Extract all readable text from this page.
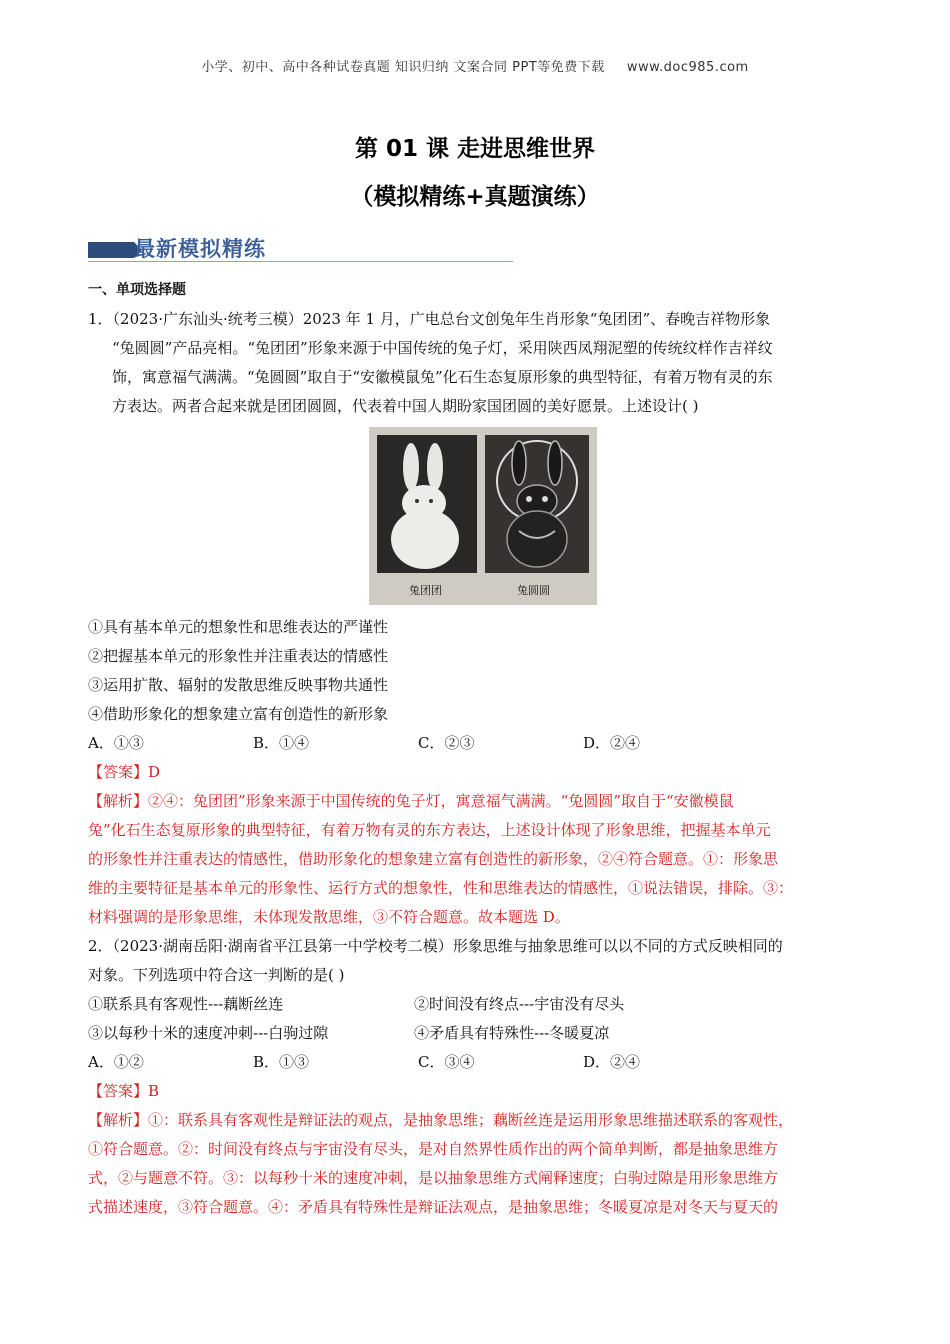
小学、初中、高中各种试卷真题 知识归纳 文案合同 PPT等免费下载 www.doc985.com
第 01 课 走进思维世界
（模拟精练+真题演练）
最新模拟精练
一、单项选择题
1．（2023·广东汕头·统考三模）2023 年 1 月，广电总台文创兔年生肖形象“兔团团”、春晚吉祥物形象
“兔圆圆”产品亮相。“兔团团”形象来源于中国传统的兔子灯，采用陕西凤翔泥塑的传统纹样作吉祥纹
饰，寓意福气满满。“兔圆圆”取自于“安徽模鼠兔”化石生态复原形象的典型特征，有着万物有灵的东
方表达。两者合起来就是团团圆圆，代表着中国人期盼家国团圆的美好愿景。上述设计( )
兔团团	兔圆圆
①具有基本单元的想象性和思维表达的严谨性
②把握基本单元的形象性并注重表达的情感性
③运用扩散、辐射的发散思维反映事物共通性
④借助形象化的想象建立富有创造性的新形象
A．①③	B．①④	C．②③	D．②④
【答案】D
【解析】②④：兔团团”形象来源于中国传统的兔子灯，寓意福气满满。“兔圆圆”取自于“安徽模鼠
兔”化石生态复原形象的典型特征，有着万物有灵的东方表达，上述设计体现了形象思维，把握基本单元
的形象性并注重表达的情感性，借助形象化的想象建立富有创造性的新形象，②④符合题意。①：形象思
维的主要特征是基本单元的形象性、运行方式的想象性，性和思维表达的情感性，①说法错误，排除。③：
材料强调的是形象思维，未体现发散思维，③不符合题意。故本题选 D。
2．（2023·湖南岳阳·湖南省平江县第一中学校考二模）形象思维与抽象思维可以以不同的方式反映相同的
对象。下列选项中符合这一判断的是( )
①联系具有客观性---藕断丝连	②时间没有终点---宇宙没有尽头
③以每秒十米的速度冲刺---白驹过隙	④矛盾具有特殊性---冬暖夏凉
A．①②	B．①③	C．③④	D．②④
【答案】B
【解析】①：联系具有客观性是辩证法的观点，是抽象思维；藕断丝连是运用形象思维描述联系的客观性，
①符合题意。②：时间没有终点与宇宙没有尽头，是对自然界性质作出的两个简单判断，都是抽象思维方
式，②与题意不符。③：以每秒十米的速度冲刺，是以抽象思维方式阐释速度；白驹过隙是用形象思维方
式描述速度，③符合题意。④：矛盾具有特殊性是辩证法观点，是抽象思维；冬暖夏凉是对冬天与夏天的
